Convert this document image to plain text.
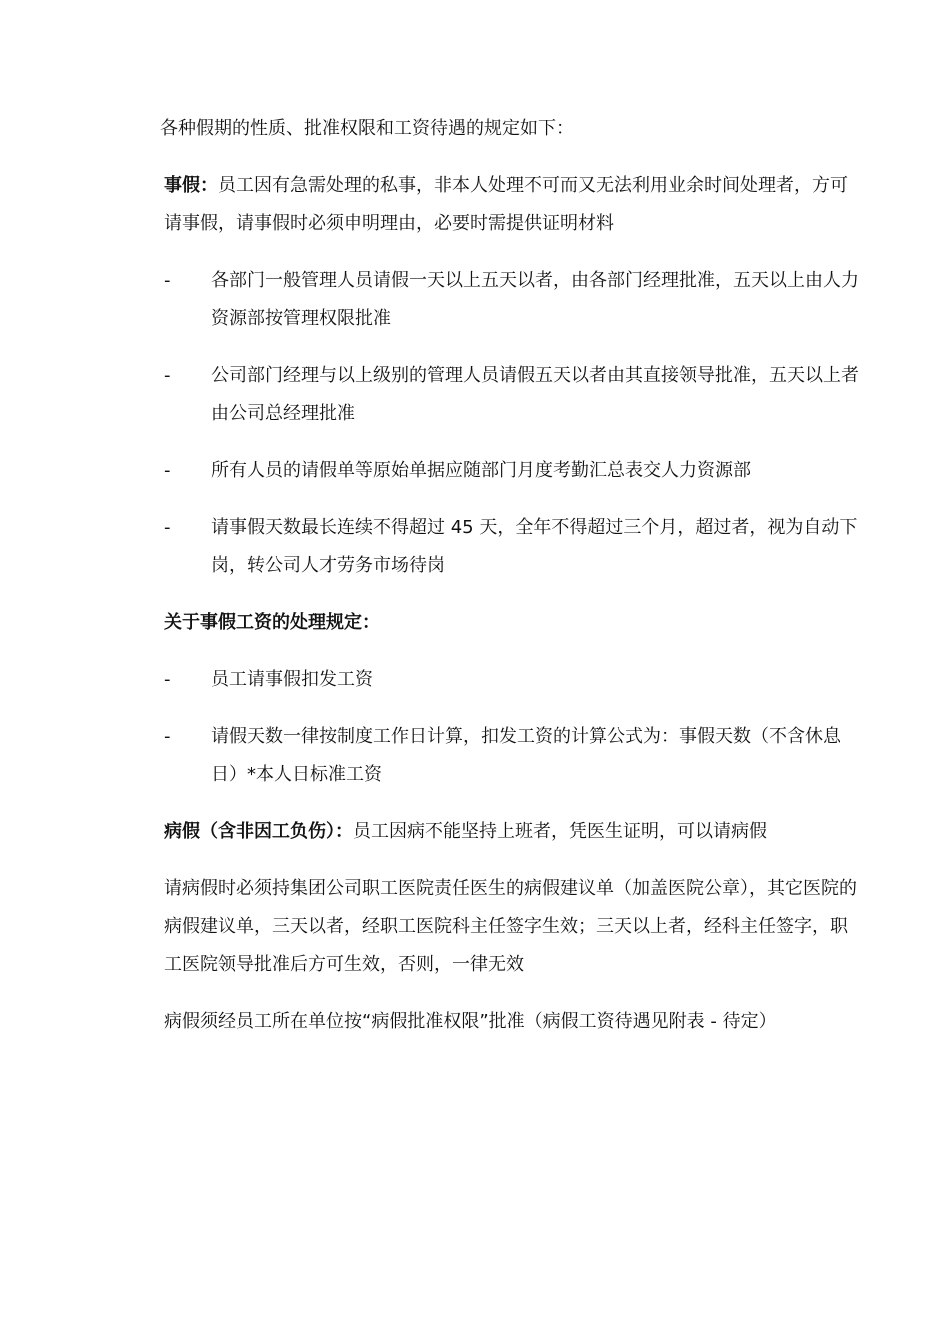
各种假期的性质、批准权限和工资待遇的规定如下：

事假：员工因有急需处理的私事，非本人处理不可而又无法利用业余时间处理者，方可请事假，请事假时必须申明理由，必要时需提供证明材料

-	各部门一般管理人员请假一天以上五天以者，由各部门经理批准，五天以上由人力资源部按管理权限批准
-	公司部门经理与以上级别的管理人员请假五天以者由其直接领导批准，五天以上者由公司总经理批准
-	所有人员的请假单等原始单据应随部门月度考勤汇总表交人力资源部
-	请事假天数最长连续不得超过 45 天，全年不得超过三个月，超过者，视为自动下岗，转公司人才劳务市场待岗

关于事假工资的处理规定：

-	员工请事假扣发工资
-	请假天数一律按制度工作日计算，扣发工资的计算公式为：事假天数（不含休息日）*本人日标准工资

病假（含非因工负伤）：员工因病不能坚持上班者，凭医生证明，可以请病假

请病假时必须持集团公司职工医院责任医生的病假建议单（加盖医院公章），其它医院的病假建议单，三天以者，经职工医院科主任签字生效；三天以上者，经科主任签字，职工医院领导批准后方可生效，否则，一律无效

病假须经员工所在单位按“病假批准权限”批准（病假工资待遇见附表 - 待定）
